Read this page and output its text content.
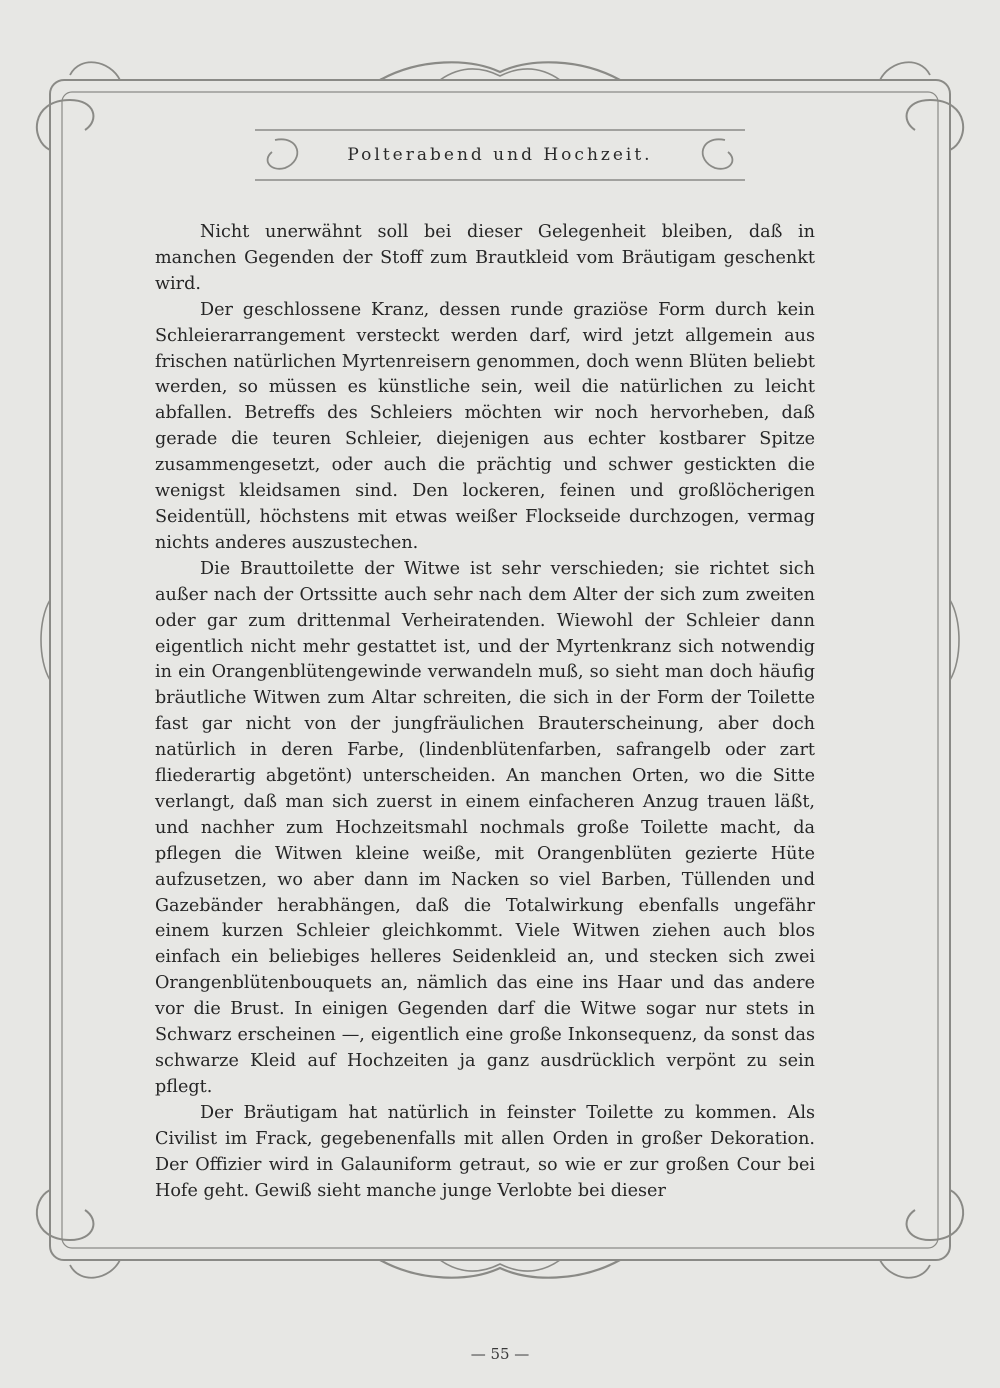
Polterabend und Hochzeit.

Nicht unerwähnt soll bei dieser Gelegenheit bleiben, daß in manchen Gegenden der Stoff zum Brautkleid vom Bräutigam geschenkt wird.

Der geschlossene Kranz, dessen runde graziöse Form durch kein Schleierarrangement versteckt werden darf, wird jetzt allgemein aus frischen natürlichen Myrtenreisern genommen, doch wenn Blüten beliebt werden, so müssen es künstliche sein, weil die natürlichen zu leicht abfallen. Betreffs des Schleiers möchten wir noch hervorheben, daß gerade die teuren Schleier, diejenigen aus echter kostbarer Spitze zusammengesetzt, oder auch die prächtig und schwer gestickten die wenigst kleidsamen sind. Den lockeren, feinen und großlöcherigen Seidentüll, höchstens mit etwas weißer Flockseide durchzogen, vermag nichts anderes auszustechen.

Die Brauttoilette der Witwe ist sehr verschieden; sie richtet sich außer nach der Ortssitte auch sehr nach dem Alter der sich zum zweiten oder gar zum drittenmal Verheiratenden. Wiewohl der Schleier dann eigentlich nicht mehr gestattet ist, und der Myrtenkranz sich notwendig in ein Orangenblütengewinde verwandeln muß, so sieht man doch häufig bräutliche Witwen zum Altar schreiten, die sich in der Form der Toilette fast gar nicht von der jungfräulichen Brauterscheinung, aber doch natürlich in deren Farbe, (lindenblütenfarben, safrangelb oder zart fliederartig abgetönt) unterscheiden. An manchen Orten, wo die Sitte verlangt, daß man sich zuerst in einem einfacheren Anzug trauen läßt, und nachher zum Hochzeitsmahl nochmals große Toilette macht, da pflegen die Witwen kleine weiße, mit Orangenblüten gezierte Hüte aufzusetzen, wo aber dann im Nacken so viel Barben, Tüllenden und Gazebänder herabhängen, daß die Totalwirkung ebenfalls ungefähr einem kurzen Schleier gleichkommt. Viele Witwen ziehen auch blos einfach ein beliebiges helleres Seidenkleid an, und stecken sich zwei Orangenblütenbouquets an, nämlich das eine ins Haar und das andere vor die Brust. In einigen Gegenden darf die Witwe sogar nur stets in Schwarz erscheinen —, eigentlich eine große Inkonsequenz, da sonst das schwarze Kleid auf Hochzeiten ja ganz ausdrücklich verpönt zu sein pflegt.

Der Bräutigam hat natürlich in feinster Toilette zu kommen. Als Civilist im Frack, gegebenenfalls mit allen Orden in großer Dekoration. Der Offizier wird in Galauniform getraut, so wie er zur großen Cour bei Hofe geht. Gewiß sieht manche junge Verlobte bei dieser

— 55 —
